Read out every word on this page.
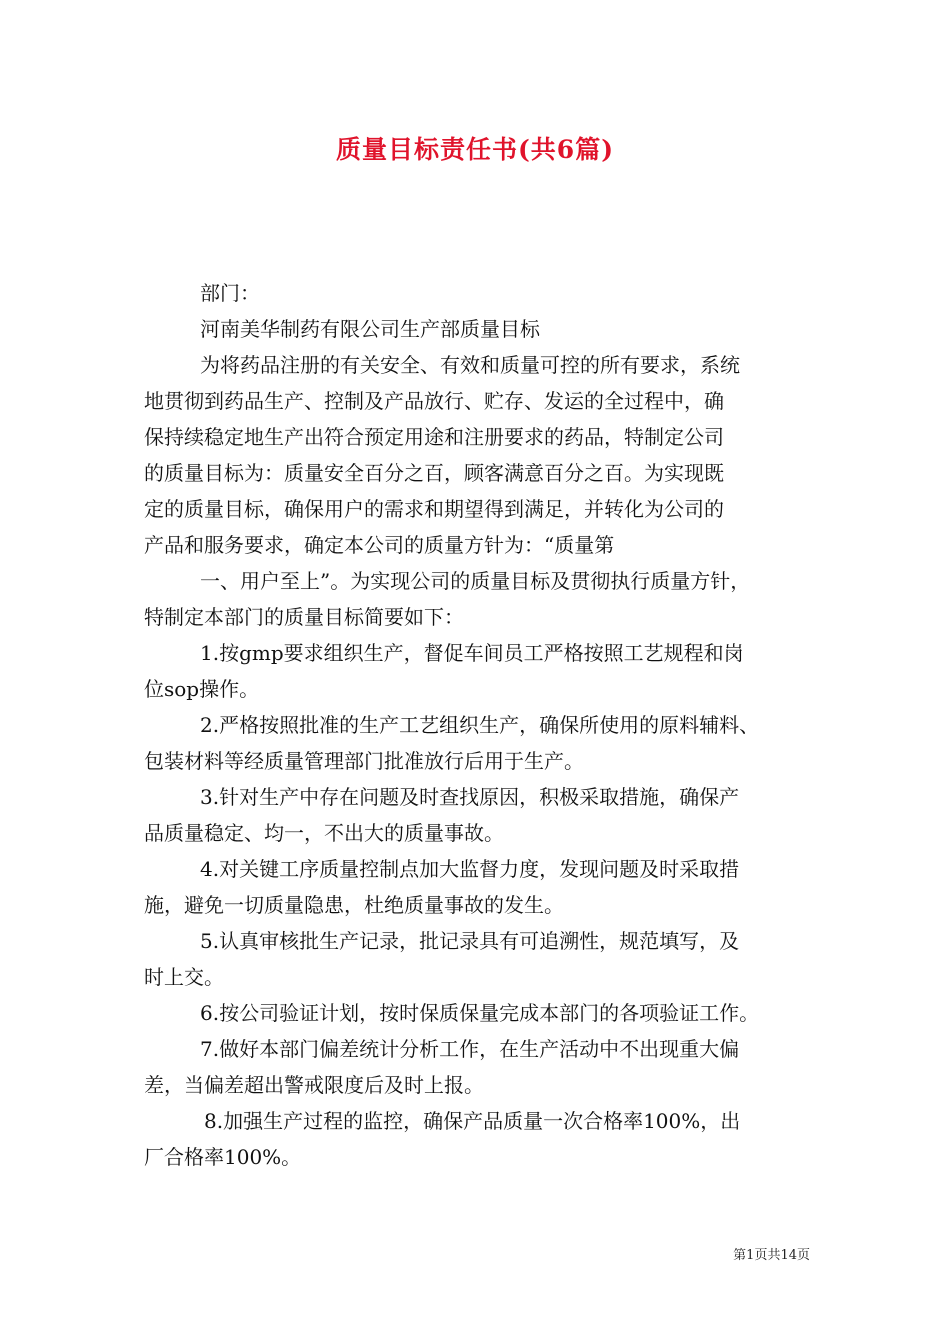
质量目标责任书(共6篇)
部门：
河南美华制药有限公司生产部质量目标
为将药品注册的有关安全、有效和质量可控的所有要求，系统
地贯彻到药品生产、控制及产品放行、贮存、发运的全过程中，确
保持续稳定地生产出符合预定用途和注册要求的药品，特制定公司
的质量目标为：质量安全百分之百，顾客满意百分之百。为实现既
定的质量目标，确保用户的需求和期望得到满足，并转化为公司的
产品和服务要求，确定本公司的质量方针为：“质量第
一、用户至上”。为实现公司的质量目标及贯彻执行质量方针，
特制定本部门的质量目标简要如下：
1.按gmp要求组织生产，督促车间员工严格按照工艺规程和岗
位sop操作。
2.严格按照批准的生产工艺组织生产，确保所使用的原料辅料、
包装材料等经质量管理部门批准放行后用于生产。
3.针对生产中存在问题及时查找原因，积极采取措施，确保产
品质量稳定、均一，不出大的质量事故。
4.对关键工序质量控制点加大监督力度，发现问题及时采取措
施，避免一切质量隐患，杜绝质量事故的发生。
5.认真审核批生产记录，批记录具有可追溯性，规范填写，及
时上交。
6.按公司验证计划，按时保质保量完成本部门的各项验证工作。
7.做好本部门偏差统计分析工作，在生产活动中不出现重大偏
差，当偏差超出警戒限度后及时上报。
8.加强生产过程的监控，确保产品质量一次合格率100%，出
厂合格率100%。
第1页共14页
